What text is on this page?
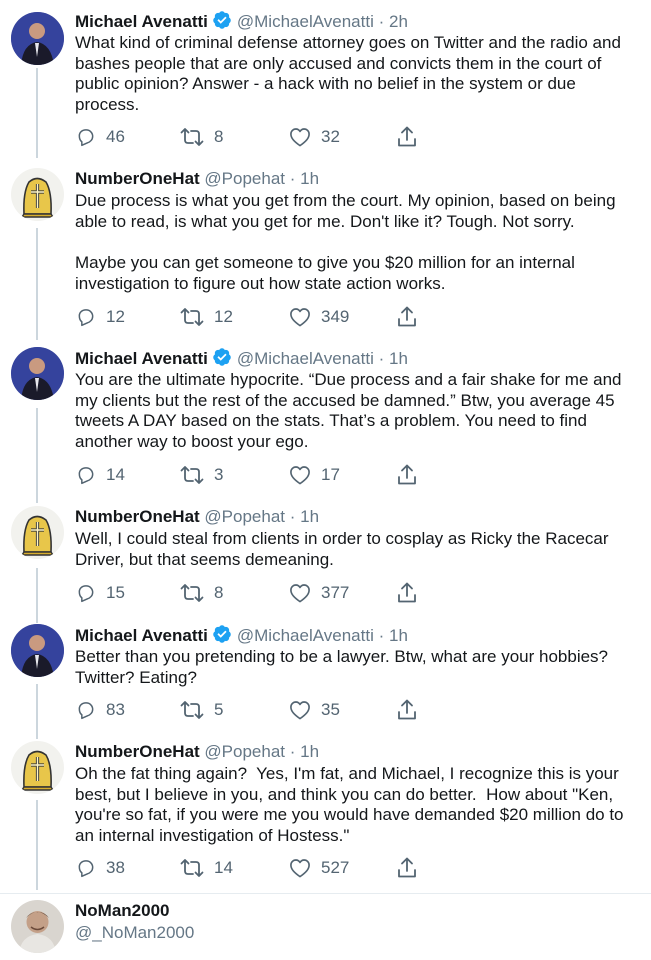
Michael Avenatti @MichaelAvenatti · 2h
What kind of criminal defense attorney goes on Twitter and the radio and bashes people that are only accused and convicts them in the court of public opinion? Answer - a hack with no belief in the system or due process.
46	8	32
NumberOneHat @Popehat · 1h
Due process is what you get from the court. My opinion, based on being able to read, is what you get for me. Don't like it? Tough. Not sorry.

Maybe you can get someone to give you $20 million for an internal investigation to figure out how state action works.
12	12	349
Michael Avenatti @MichaelAvenatti · 1h
You are the ultimate hypocrite. “Due process and a fair shake for me and my clients but the rest of the accused be damned.” Btw, you average 45 tweets A DAY based on the stats. That’s a problem. You need to find another way to boost your ego.
14	3	17
NumberOneHat @Popehat · 1h
Well, I could steal from clients in order to cosplay as Ricky the Racecar Driver, but that seems demeaning.
15	8	377
Michael Avenatti @MichaelAvenatti · 1h
Better than you pretending to be a lawyer. Btw, what are your hobbies? Twitter? Eating?
83	5	35
NumberOneHat @Popehat · 1h
Oh the fat thing again?  Yes, I'm fat, and Michael, I recognize this is your best, but I believe in you, and think you can do better.  How about "Ken, you're so fat, if you were me you would have demanded $20 million do to an internal investigation of Hostess."
38	14	527
NoMan2000
@_NoMan2000
